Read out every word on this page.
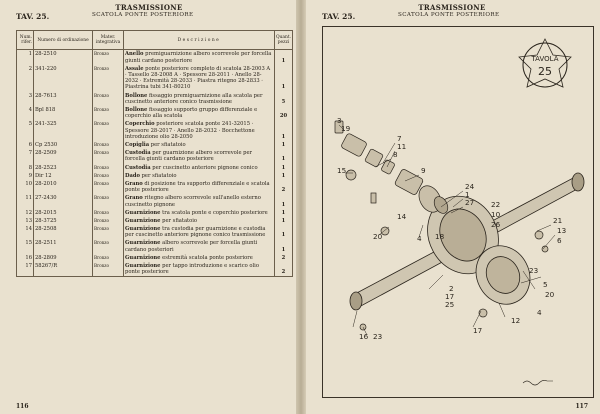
TRASMISSIONE
TAV. 25.	SCATOLA PONTE POSTERIORE
Num. rifer.	Numero di ordinazione	Mater. integrativa	Descrizione	Quant. pezzi
1	28-2510	Bronzo	Anello premiguarnizione albero scorrevole per forcella giunti cardano posteriore	1
2	341-220	Bronzo	Assale ponte posteriore completo di scatola 28-2003 A · Tassello 28-2008 A · Spessore 28-2011 · Anello 28-2032 · Estremità 28-2033 · Piastra ritegno 28-2833 · Piastrina tubi 341-80210	1
3	28-7613	Bronzo	Bollone fissaggio premiguarnizione alla scatola per cuscinetto anteriore conico trasmissione	5
4	Bpl 818	Bronzo	Bollone fissaggio supporto gruppo differenziale e coperchio alla scatola	20
5	241-325	Bronzo	Coperchio posteriore scatola ponte 241-32015 · Spessore 28-2017 · Anello 28-2032 · Bocchettone introduzione olio 28-2050	1
6	Cp 2530	Bronzo	Copiglia per sfiatatoio	1
7	28-2509	Bronzo	Custodia per guarnizione albero scorrevole per forcella giunti cardano posteriore	1
8	28-2523	Bronzo	Custodia per cuscinetto anteriore pignone conico	1
9	Dir 12	Bronzo	Dado per sfiatatoio	1
10	28-2010	Bronzo	Grano di posizione tra supporto differenziale e scatola ponte posteriore	2
11	27-2430	Bronzo	Grano ritegno albero scorrevole sull'anello esterno cuscinetto pignone	1
12	28-2015	Bronzo	Guarnizione tra scatola ponte e coperchio posteriore	1
13	28-3725	Bronzo	Guarnizione per sfiatatoio	1
14	28-2508	Bronzo	Guarnizione tra custodia per guarnizione e custodia per cuscinetto anteriore pignone conico trasmissione	1
15	28-2511	Bronzo	Guarnizione albero scorrevole per forcella giunti cardano posteriori	1
16	28-2809	Bronzo	Guarnizione estremità scatola ponte posteriore	2
17	58267/R	Bronzo	Guarnizione per tappo introduzione e scarico olio ponte posteriore	2
116
TRASMISSIONE
TAV. 25.	SCATOLA PONTE POSTERIORE
TAVOLA
25
3
19
7
11
8
15	9
24
1
27
14
22
10
26
20	4 18
21
13
6
23
2
17
25
12
17
16 23
5
20
4
117
